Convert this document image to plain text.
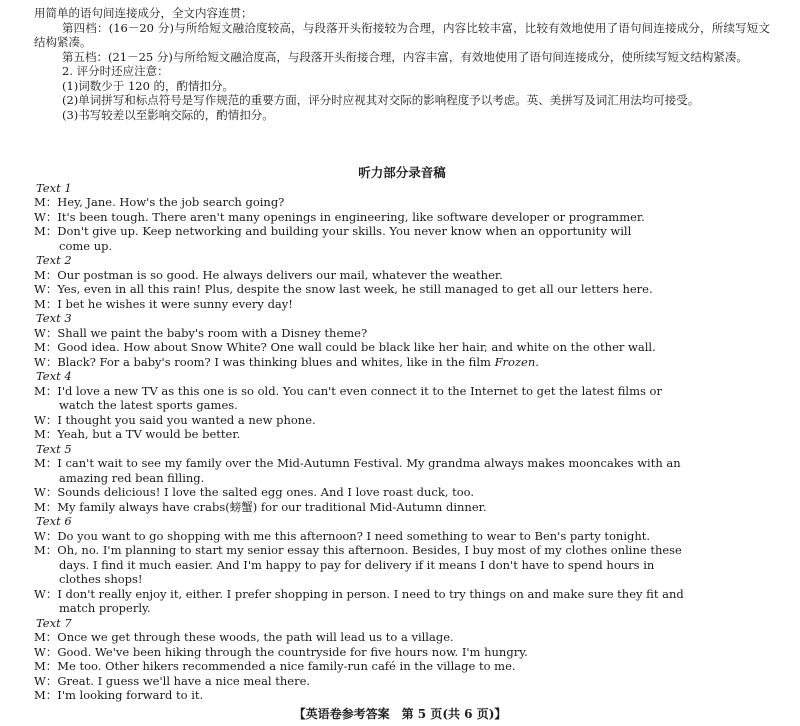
用简单的语句间连接成分，全文内容连贯；

第四档：(16－20 分)与所给短文融洽度较高，与段落开头衔接较为合理，内容比较丰富，比较有效地使用了语句间连接成分，所续写短文结构紧凑。

第五档：(21－25 分)与所给短文融洽度高，与段落开头衔接合理，内容丰富，有效地使用了语句间连接成分，使所续写短文结构紧凑。

2. 评分时还应注意：

(1)词数少于 120 的，酌情扣分。

(2)单词拼写和标点符号是写作规范的重要方面，评分时应视其对交际的影响程度予以考虑。英、美拼写及词汇用法均可接受。

(3)书写较差以至影响交际的，酌情扣分。

听力部分录音稿

Text 1

M：Hey, Jane. How's the job search going?

W：It's been tough. There aren't many openings in engineering, like software developer or programmer.

M：Don't give up. Keep networking and building your skills. You never know when an opportunity will
come up.

Text 2

M：Our postman is so good. He always delivers our mail, whatever the weather.

W：Yes, even in all this rain! Plus, despite the snow last week, he still managed to get all our letters here.

M：I bet he wishes it were sunny every day!

Text 3

W：Shall we paint the baby's room with a Disney theme?

M：Good idea. How about Snow White? One wall could be black like her hair, and white on the other wall.

W：Black? For a baby's room? I was thinking blues and whites, like in the film Frozen.

Text 4

M：I'd love a new TV as this one is so old. You can't even connect it to the Internet to get the latest films or
watch the latest sports games.

W：I thought you said you wanted a new phone.

M：Yeah, but a TV would be better.

Text 5

M：I can't wait to see my family over the Mid-Autumn Festival. My grandma always makes mooncakes with an
amazing red bean filling.

W：Sounds delicious! I love the salted egg ones. And I love roast duck, too.

M：My family always have crabs(螃蟹) for our traditional Mid-Autumn dinner.

Text 6

W：Do you want to go shopping with me this afternoon? I need something to wear to Ben's party tonight.

M：Oh, no. I'm planning to start my senior essay this afternoon. Besides, I buy most of my clothes online these
days. I find it much easier. And I'm happy to pay for delivery if it means I don't have to spend hours in
clothes shops!

W：I don't really enjoy it, either. I prefer shopping in person. I need to try things on and make sure they fit and
match properly.

Text 7

M：Once we get through these woods, the path will lead us to a village.

W：Good. We've been hiking through the countryside for five hours now. I'm hungry.

M：Me too. Other hikers recommended a nice family-run café in the village to me.

W：Great. I guess we'll have a nice meal there.

M：I'm looking forward to it.

【英语卷参考答案　第 5 页(共 6 页)】
